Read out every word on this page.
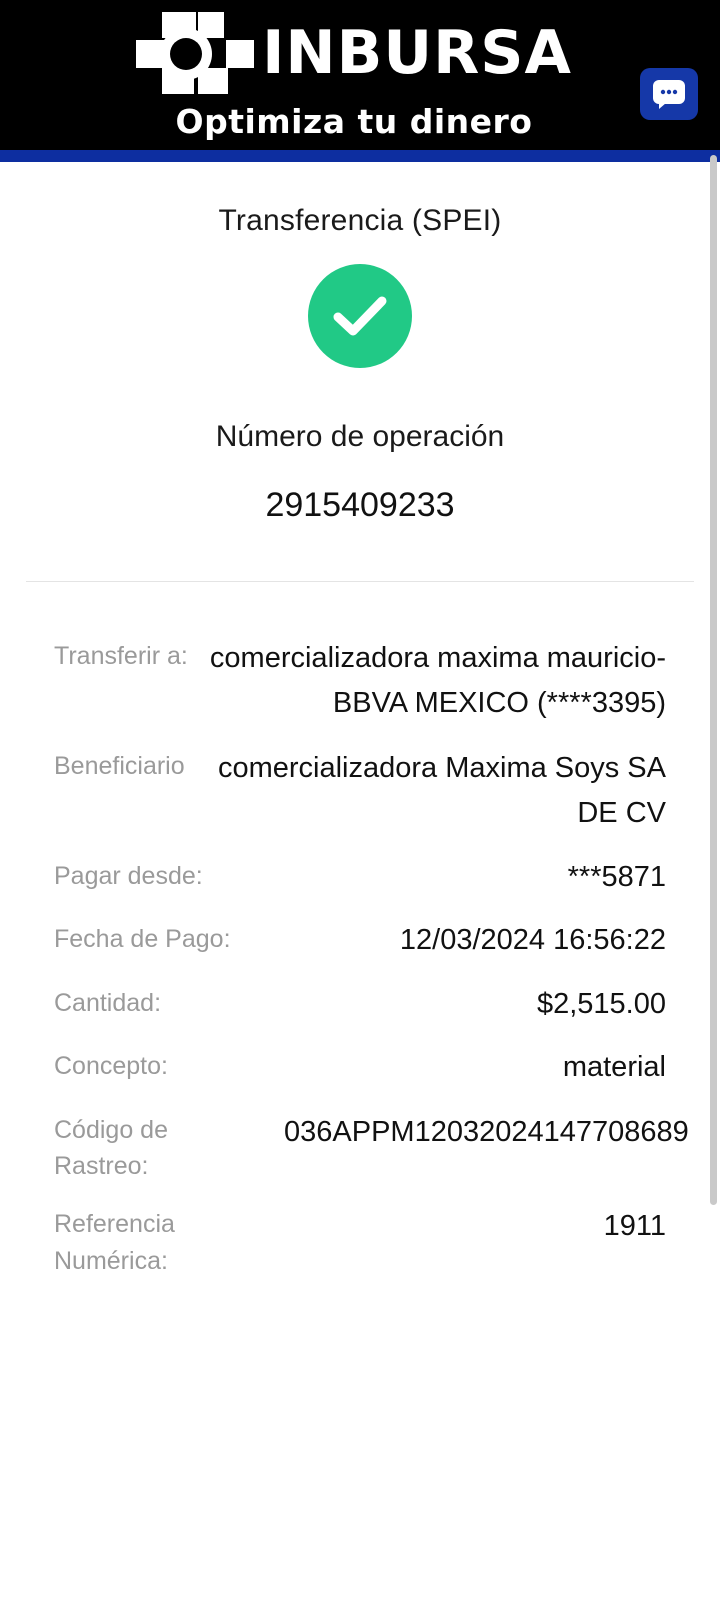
INBURSA
Optimiza tu dinero
Transferencia (SPEI)
Número de operación
2915409233
Transferir a: comercializadora maxima mauricio-BBVA MEXICO (****3395)
Beneficiario	comercializadora Maxima Soys SA DE CV
Pagar desde:	***5871
Fecha de Pago:	12/03/2024 16:56:22
Cantidad:	$2,515.00
Concepto:	material
Código de Rastreo:
036APPM12032024147708689
Referencia Numérica:
1911
